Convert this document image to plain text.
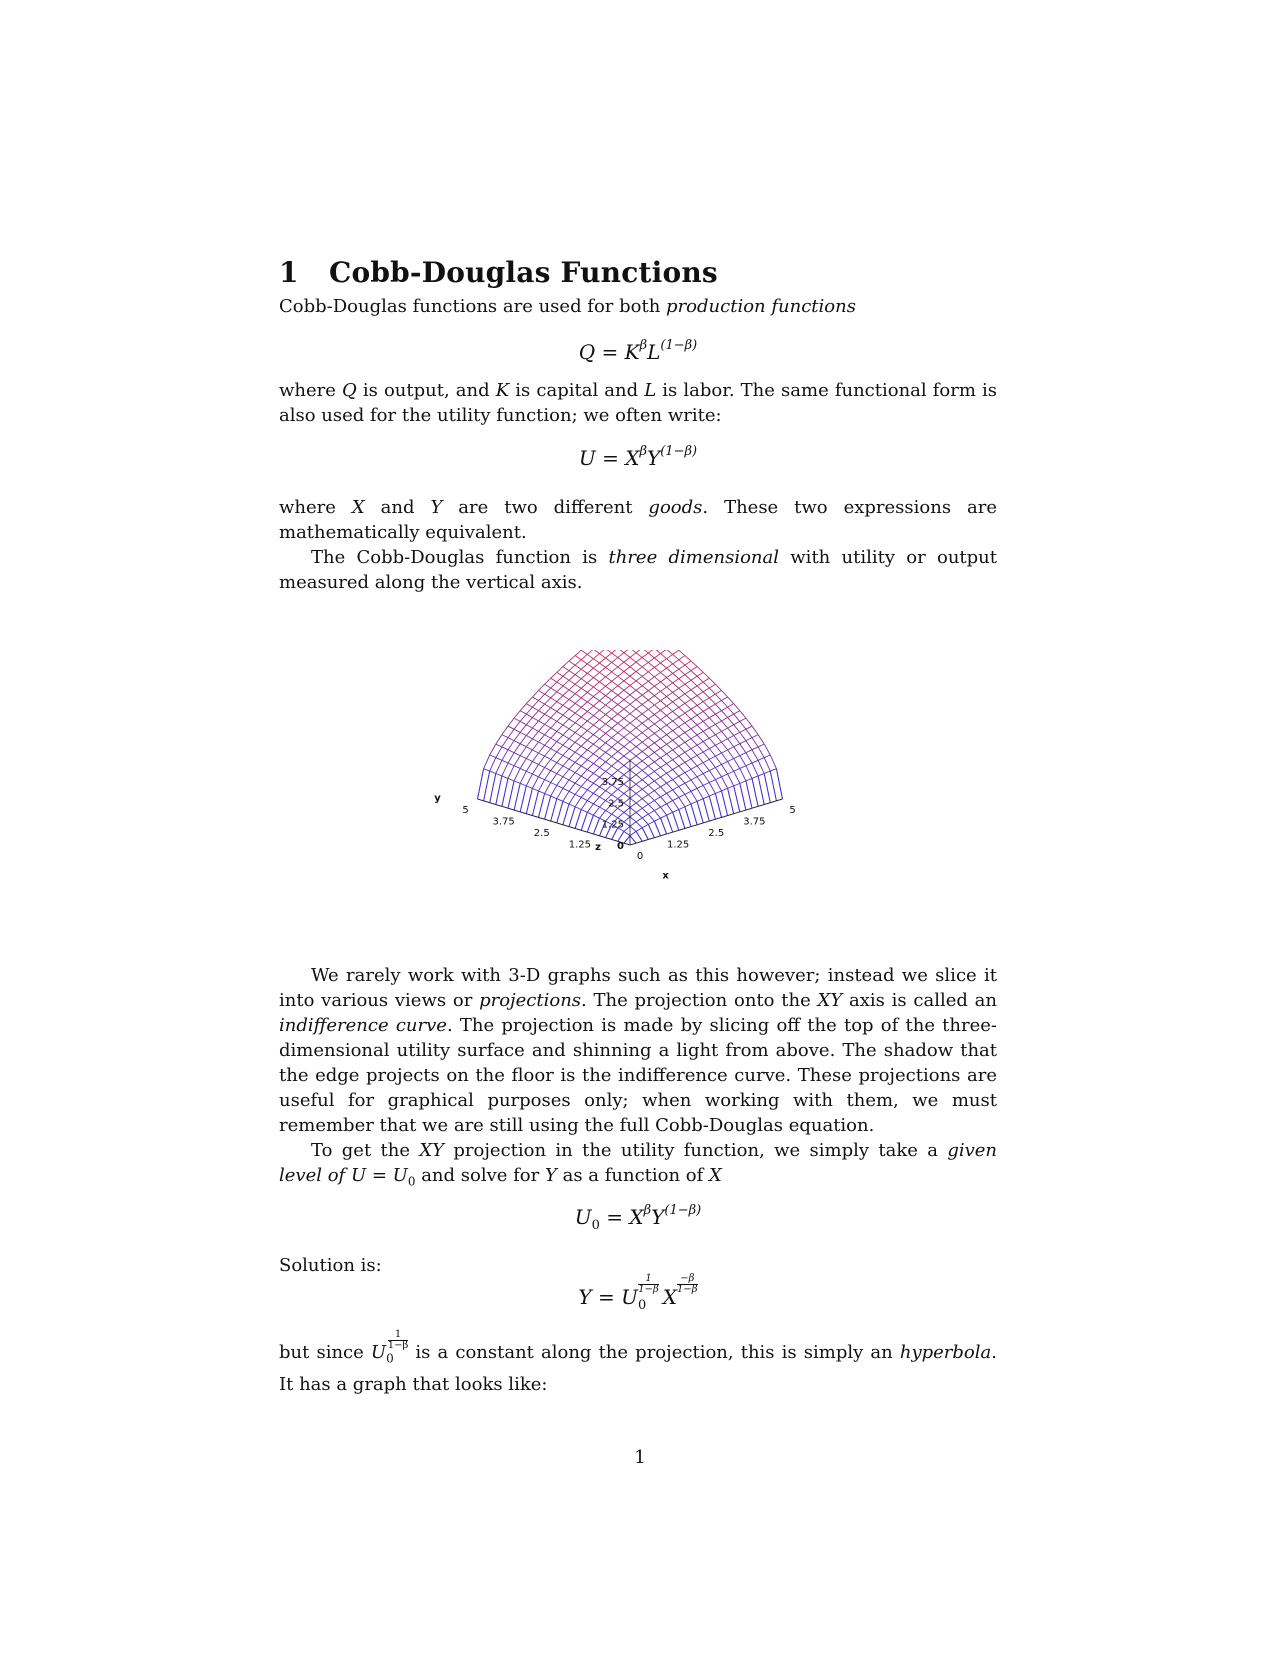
1 Cobb-Douglas Functions

Cobb-Douglas functions are used for both production functions

$Q = K^\beta L^{(1-\beta)}$

where Q is output, and K is capital and L is labor. The same functional form is also used for the utility function; we often write:

$U = X^\beta Y^{(1-\beta)}$

where X and Y are two different goods. These two expressions are mathematically equivalent.

The Cobb-Douglas function is three dimensional with utility or output measured along the vertical axis.

0
1.25
2.5
3.75
5
1.25
2.5
3.75
5
0
1.25
2.5
3.75
x
y
z

We rarely work with 3-D graphs such as this however; instead we slice it into various views or projections. The projection onto the XY axis is called an indifference curve. The projection is made by slicing off the top of the three-dimensional utility surface and shinning a light from above. The shadow that the edge projects on the floor is the indifference curve. These projections are useful for graphical purposes only; when working with them, we must remember that we are still using the full Cobb-Douglas equation.

To get the XY projection in the utility function, we simply take a given level of $U = U_0$ and solve for Y as a function of X

$U_0 = X^\beta Y^{(1-\beta)}$

Solution is:

$Y = U_0$
$\frac{1}{1-\beta}$
X
$\frac{-\beta}{1-\beta}$

but since $U_0$
$\frac{1}{1-\beta}$
is a constant along the projection, this is simply an hyperbola. It has a graph that looks like:

1
